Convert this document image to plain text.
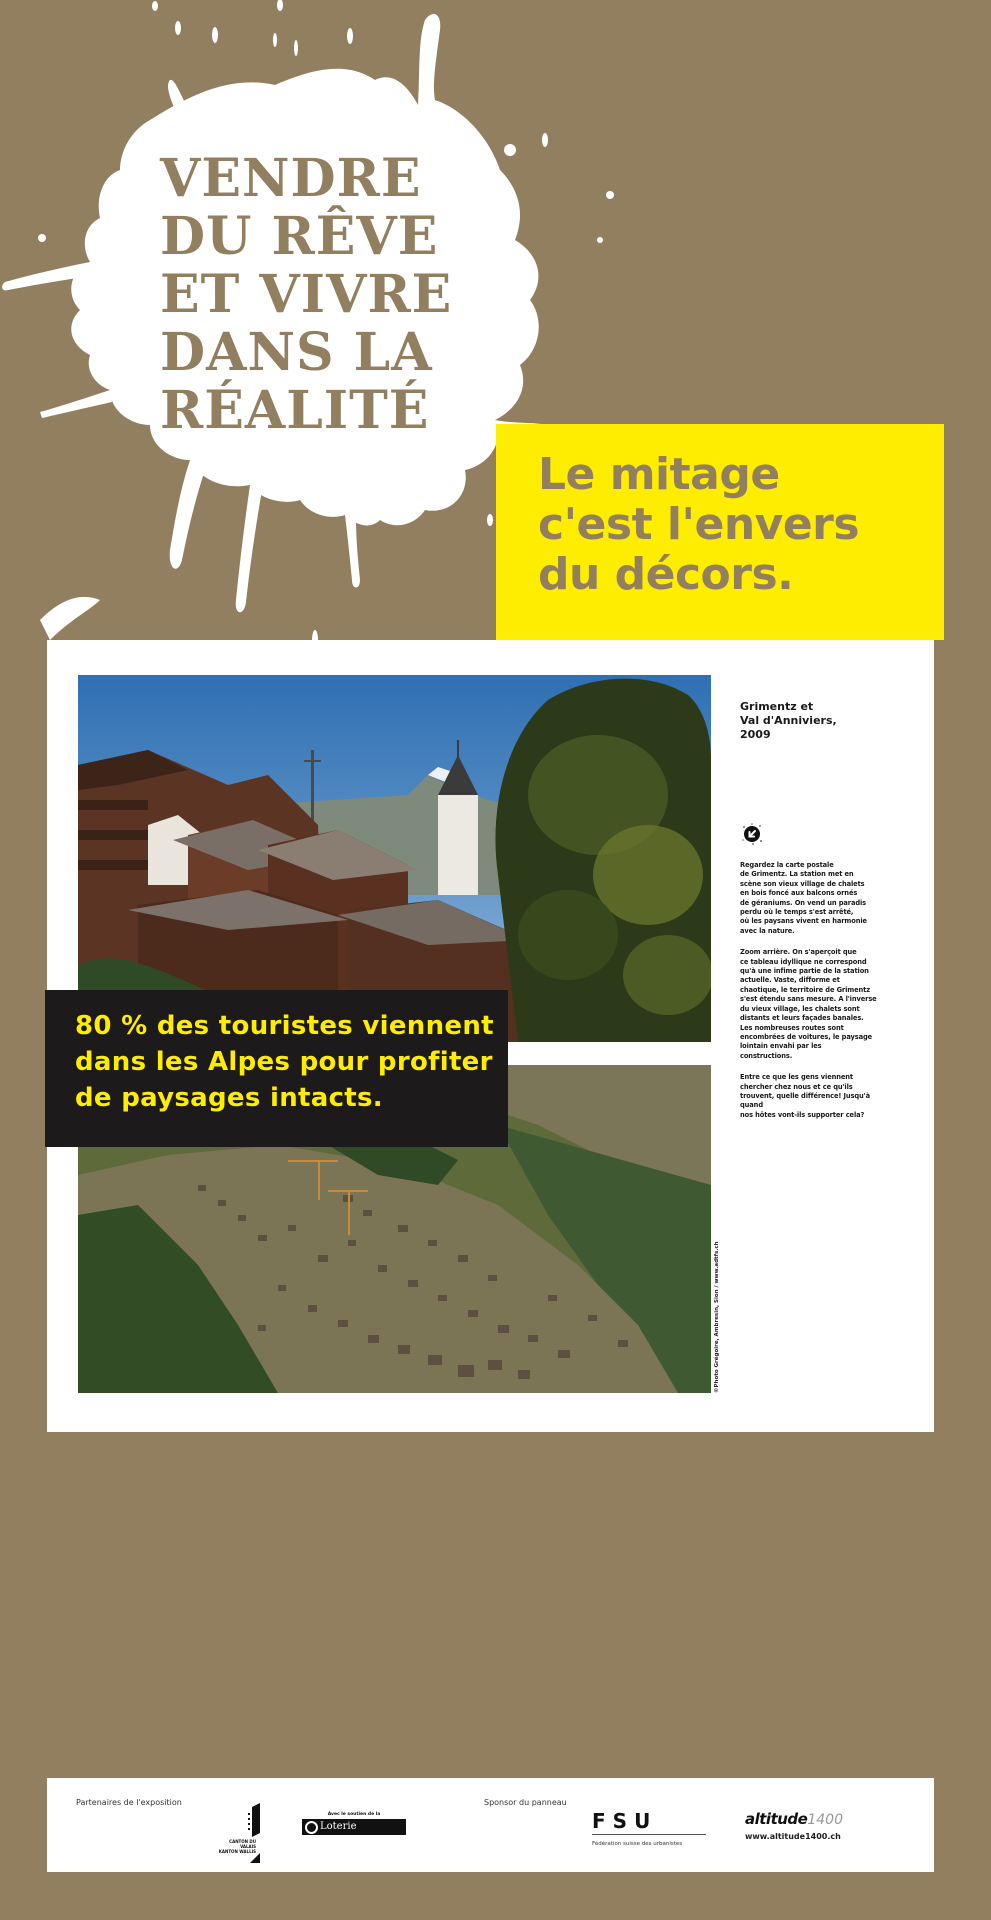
VENDRE
DU RÊVE
ET VIVRE
DANS LA
RÉALITÉ
Le mitage
c'est l'envers
du décors.
©Photo Grégoire, Ambresin, Sion / www.adtfs.ch

80 % des touristes viennent
dans les Alpes pour profiter
de paysages intacts.

Grimentz et
Val d'Anniviers,
2009

Regardez la carte postale
de Grimentz. La station met en
scène son vieux village de chalets
en bois foncé aux balcons ornés
de géraniums. On vend un paradis
perdu où le temps s'est arrêté,
où les paysans vivent en harmonie
avec la nature.

Zoom arrière. On s'aperçoit que
ce tableau idyllique ne correspond
qu'à une infime partie de la station
actuelle. Vaste, difforme et
chaotique, le territoire de Grimentz
s'est étendu sans mesure. A l'inverse
du vieux village, les chalets sont
distants et leurs façades banales.
Les nombreuses routes sont
encombrées de voitures, le paysage
lointain envahi par les
constructions.

Entre ce que les gens viennent
chercher chez nous et ce qu'ils
trouvent, quelle différence! Jusqu'à
quand
nos hôtes vont-ils supporter cela?

Partenaires de l'exposition	Sponsor du panneau
CANTON DU VALAIS
KANTON WALLIS
Avec le soutien de la
Loterie Romande
FSU
Fédération suisse des urbanistes
altitude1400
www.altitude1400.ch
